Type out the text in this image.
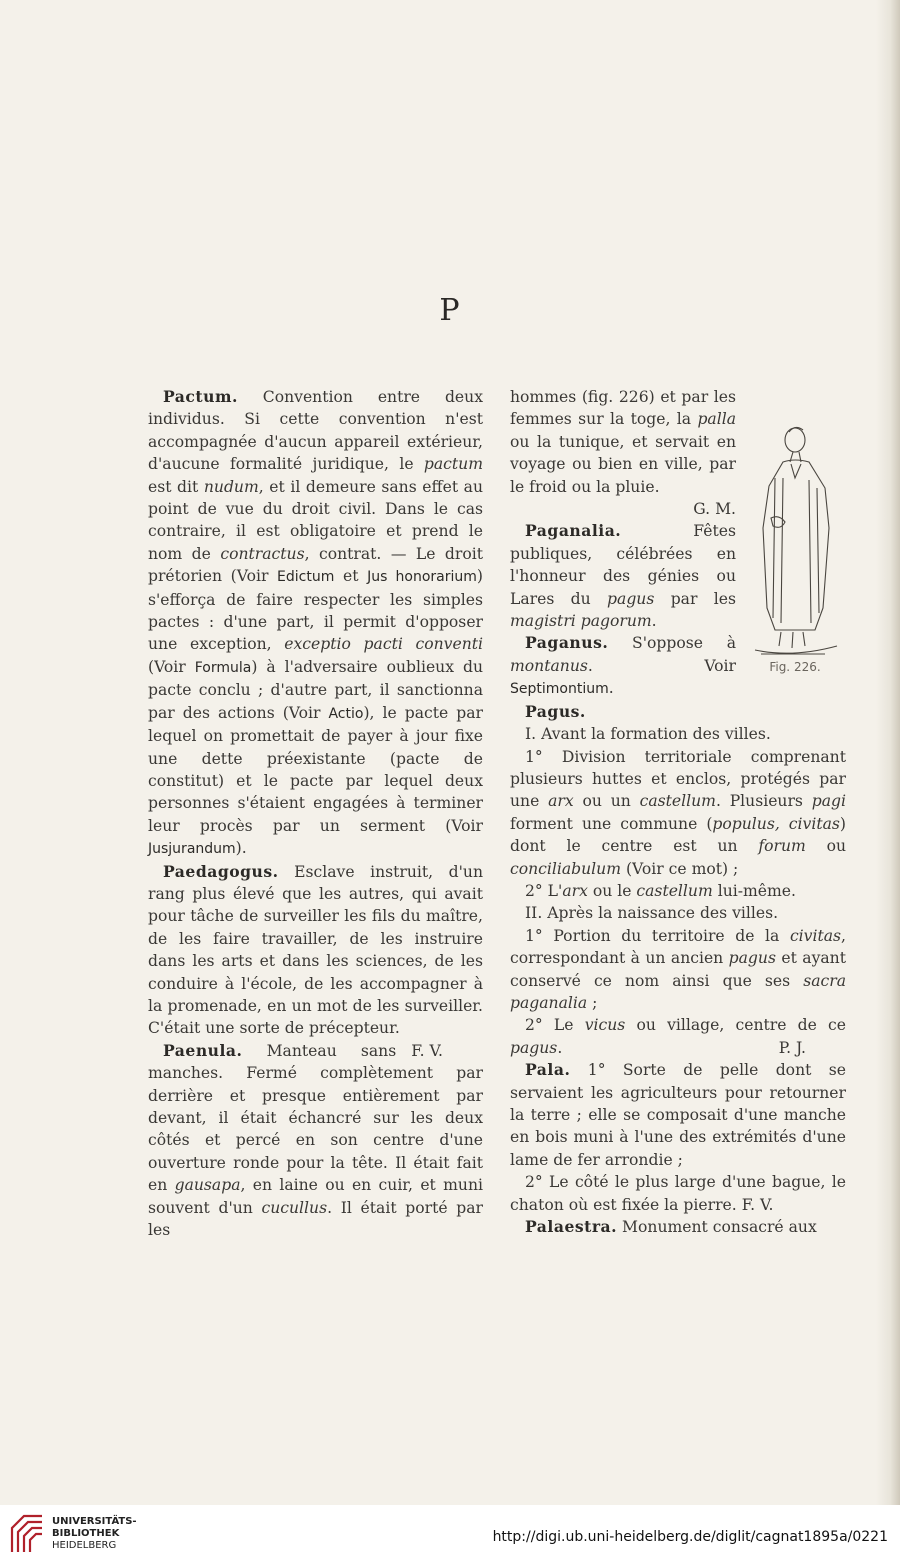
P

Pactum. Convention entre deux individus. Si cette convention n'est accompagnée d'aucun appareil extérieur, d'aucune formalité juridique, le pactum est dit nudum, et il demeure sans effet au point de vue du droit civil. Dans le cas contraire, il est obligatoire et prend le nom de contractus, contrat. — Le droit prétorien (Voir Edictum et Jus honorarium) s'efforça de faire respecter les simples pactes : d'une part, il permit d'opposer une exception, exceptio pacti conventi (Voir Formula) à l'adversaire oublieux du pacte conclu ; d'autre part, il sanctionna par des actions (Voir Actio), le pacte par lequel on promettait de payer à jour fixe une dette préexistante (pacte de constitut) et le pacte par lequel deux personnes s'étaient engagées à terminer leur procès par un serment (Voir Jusjurandum).

Paedagogus. Esclave instruit, d'un rang plus élevé que les autres, qui avait pour tâche de surveiller les fils du maître, de les faire travailler, de les instruire dans les arts et dans les sciences, de les conduire à l'école, de les accompagner à la promenade, en un mot de les surveiller. C'était une sorte de précepteur.
F. V.

Paenula. Manteau sans manches. Fermé complètement par derrière et presque entièrement par devant, il était échancré sur les deux côtés et percé en son centre d'une ouverture ronde pour la tête. Il était fait en gausapa, en laine ou en cuir, et muni souvent d'un cucullus. Il était porté par les

hommes (fig. 226) et par les femmes sur la toge, la palla ou la tunique, et servait en voyage ou bien en ville, par le froid ou la pluie.
G. M.

Paganalia. Fêtes publiques, célébrées en l'honneur des génies ou Lares du pagus par les magistri pagorum.

Paganus. S'oppose à montanus. Voir Septimontium.

Pagus.

I. Avant la formation des villes.

1° Division territoriale comprenant plusieurs huttes et enclos, protégés par une arx ou un castellum. Plusieurs pagi forment une commune (populus, civitas) dont le centre est un forum ou conciliabulum (Voir ce mot) ;

2° L'arx ou le castellum lui-même.

II. Après la naissance des villes.

1° Portion du territoire de la civitas, correspondant à un ancien pagus et ayant conservé ce nom ainsi que ses sacra paganalia ;

2° Le vicus ou village, centre de ce pagus.	P. J.

Pala. 1° Sorte de pelle dont se servaient les agriculteurs pour retourner la terre ; elle se composait d'une manche en bois muni à l'une des extrémités d'une lame de fer arrondie ;

2° Le côté le plus large d'une bague, le chaton où est fixée la pierre. F. V.

Palaestra. Monument consacré aux

Fig. 226.
UNIVERSITÄTS-
BIBLIOTHEK
HEIDELBERG
http://digi.ub.uni-heidelberg.de/diglit/cagnat1895a/0221
